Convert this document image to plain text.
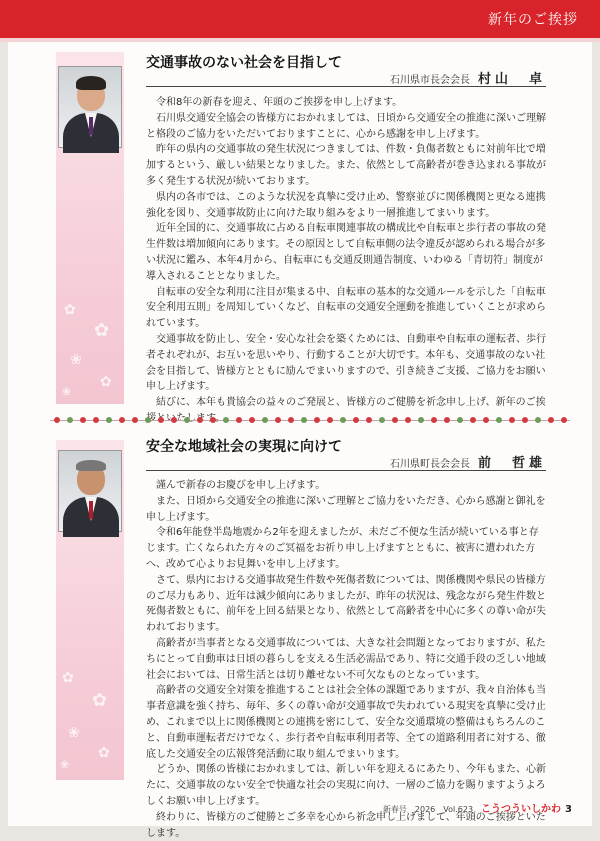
新年のご挨拶
✿
✿
❀
✿
❀
✿
✿
❀
✿
❀
交通事故のない社会を目指して
石川県市長会会長 村山　卓

令和8年の新春を迎え、年頭のご挨拶を申し上げます。

石川県交通安全協会の皆様方におかれましては、日頃から交通安全の推進に深いご理解と格段のご協力をいただいておりますことに、心から感謝を申し上げます。

昨年の県内の交通事故の発生状況につきましては、件数・負傷者数ともに対前年比で増加するという、厳しい結果となりました。また、依然として高齢者が巻き込まれる事故が多く発生する状況が続いております。

県内の各市では、このような状況を真摯に受け止め、警察並びに関係機関と更なる連携強化を図り、交通事故防止に向けた取り組みをより一層推進してまいります。

近年全国的に、交通事故に占める自転車関連事故の構成比や自転車と歩行者の事故の発生件数は増加傾向にあります。その原因として自転車側の法令違反が認められる場合が多い状況に鑑み、本年4月から、自転車にも交通反則通告制度、いわゆる「青切符」制度が導入されることとなりました。

自転車の安全な利用に注目が集まる中、自転車の基本的な交通ルールを示した「自転車安全利用五則」を周知していくなど、自転車の交通安全運動を推進していくことが求められています。

交通事故を防止し、安全・安心な社会を築くためには、自動車や自転車の運転者、歩行者それぞれが、お互いを思いやり、行動することが大切です。本年も、交通事故のない社会を目指して、皆様方とともに励んでまいりますので、引き続きご支援、ご協力をお願い申し上げます。

結びに、本年も貴協会の益々のご発展と、皆様方のご健勝を祈念申し上げ、新年のご挨拶といたします。

安全な地域社会の実現に向けて
石川県町長会会長 前　哲雄

謹んで新春のお慶びを申し上げます。

また、日頃から交通安全の推進に深いご理解とご協力をいただき、心から感謝と御礼を申し上げます。

令和6年能登半島地震から2年を迎えましたが、未だご不便な生活が続いている事と存じます。亡くなられた方々のご冥福をお祈り申し上げますとともに、被害に遭われた方へ、改めて心よりお見舞いを申し上げます。

さて、県内における交通事故発生件数や死傷者数については、関係機関や県民の皆様方のご尽力もあり、近年は減少傾向にありましたが、昨年の状況は、残念ながら発生件数と死傷者数ともに、前年を上回る結果となり、依然として高齢者を中心に多くの尊い命が失われております。

高齢者が当事者となる交通事故については、大きな社会問題となっておりますが、私たちにとって自動車は日頃の暮らしを支える生活必需品であり、特に交通手段の乏しい地域社会においては、日常生活とは切り離せない不可欠なものとなっています。

高齢者の交通安全対策を推進することは社会全体の課題でありますが、我々自治体も当事者意識を強く持ち、毎年、多くの尊い命が交通事故で失われている現実を真摯に受け止め、これまで以上に関係機関との連携を密にして、安全な交通環境の整備はもちろんのこと、自動車運転者だけでなく、歩行者や自転車利用者等、全ての道路利用者に対する、徹底した交通安全の広報啓発活動に取り組んでまいります。

どうか、関係の皆様におかれましては、新しい年を迎えるにあたり、今年もまた、心新たに、交通事故のない安全で快適な社会の実現に向け、一層のご協力を賜りますようよろしくお願い申し上げます。

終わりに、皆様方のご健勝とご多幸を心から祈念申し上げまして、年頭のご挨拶といたします。

新春号　2026　Vol.623 こうつういしかわ 3
